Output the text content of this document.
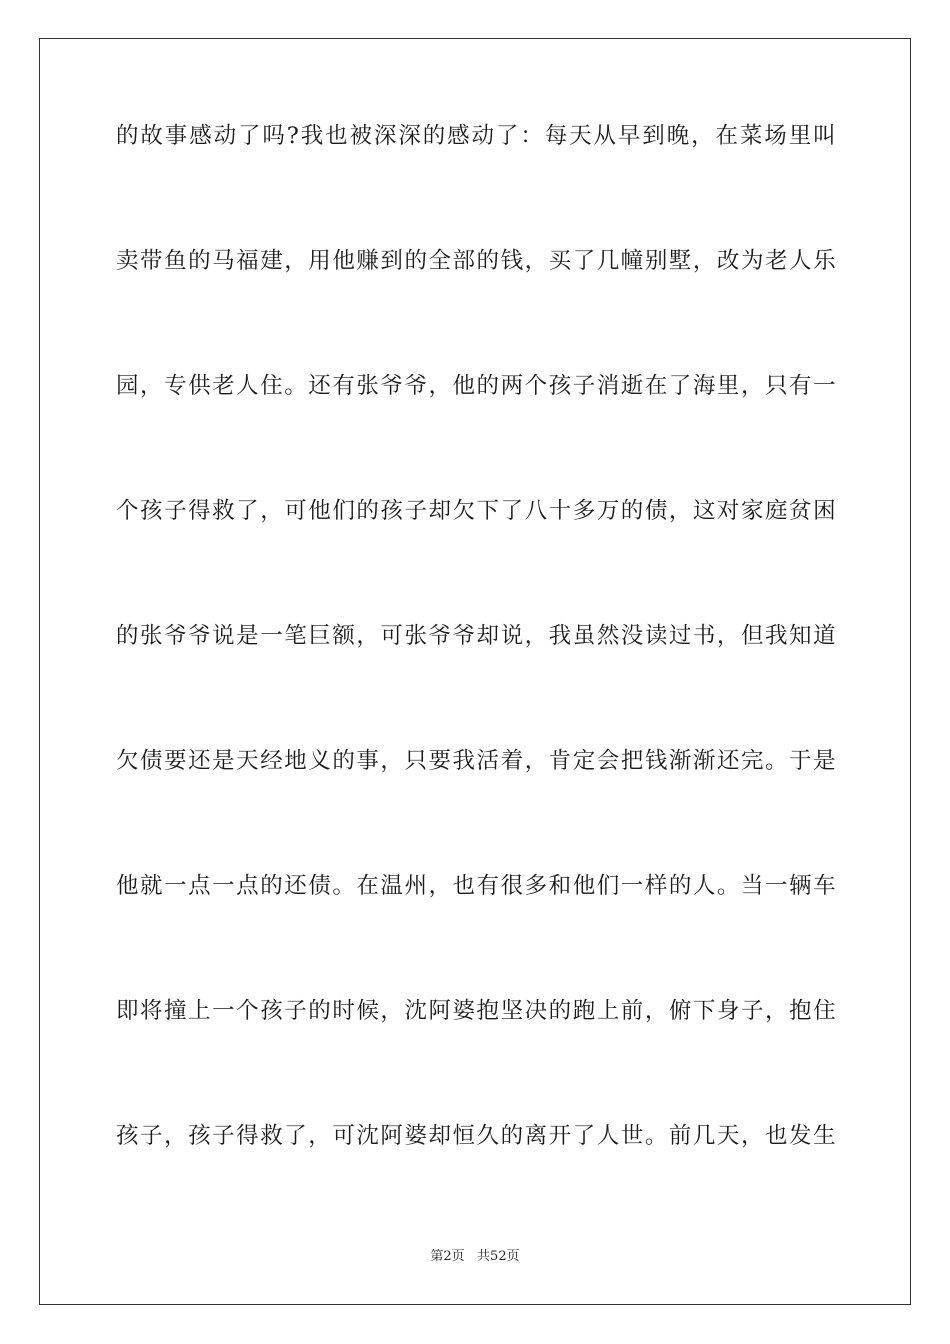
的故事感动了吗?我也被深深的感动了：每天从早到晚，在菜场里叫
卖带鱼的马福建，用他赚到的全部的钱，买了几幢别墅，改为老人乐
园，专供老人住。还有张爷爷，他的两个孩子消逝在了海里，只有一
个孩子得救了，可他们的孩子却欠下了八十多万的债，这对家庭贫困
的张爷爷说是一笔巨额，可张爷爷却说，我虽然没读过书，但我知道
欠债要还是天经地义的事，只要我活着，肯定会把钱渐渐还完。于是
他就一点一点的还债。在温州，也有很多和他们一样的人。当一辆车
即将撞上一个孩子的时候，沈阿婆抱坚决的跑上前，俯下身子，抱住
孩子，孩子得救了，可沈阿婆却恒久的离开了人世。前几天，也发生
第2页   共52页
